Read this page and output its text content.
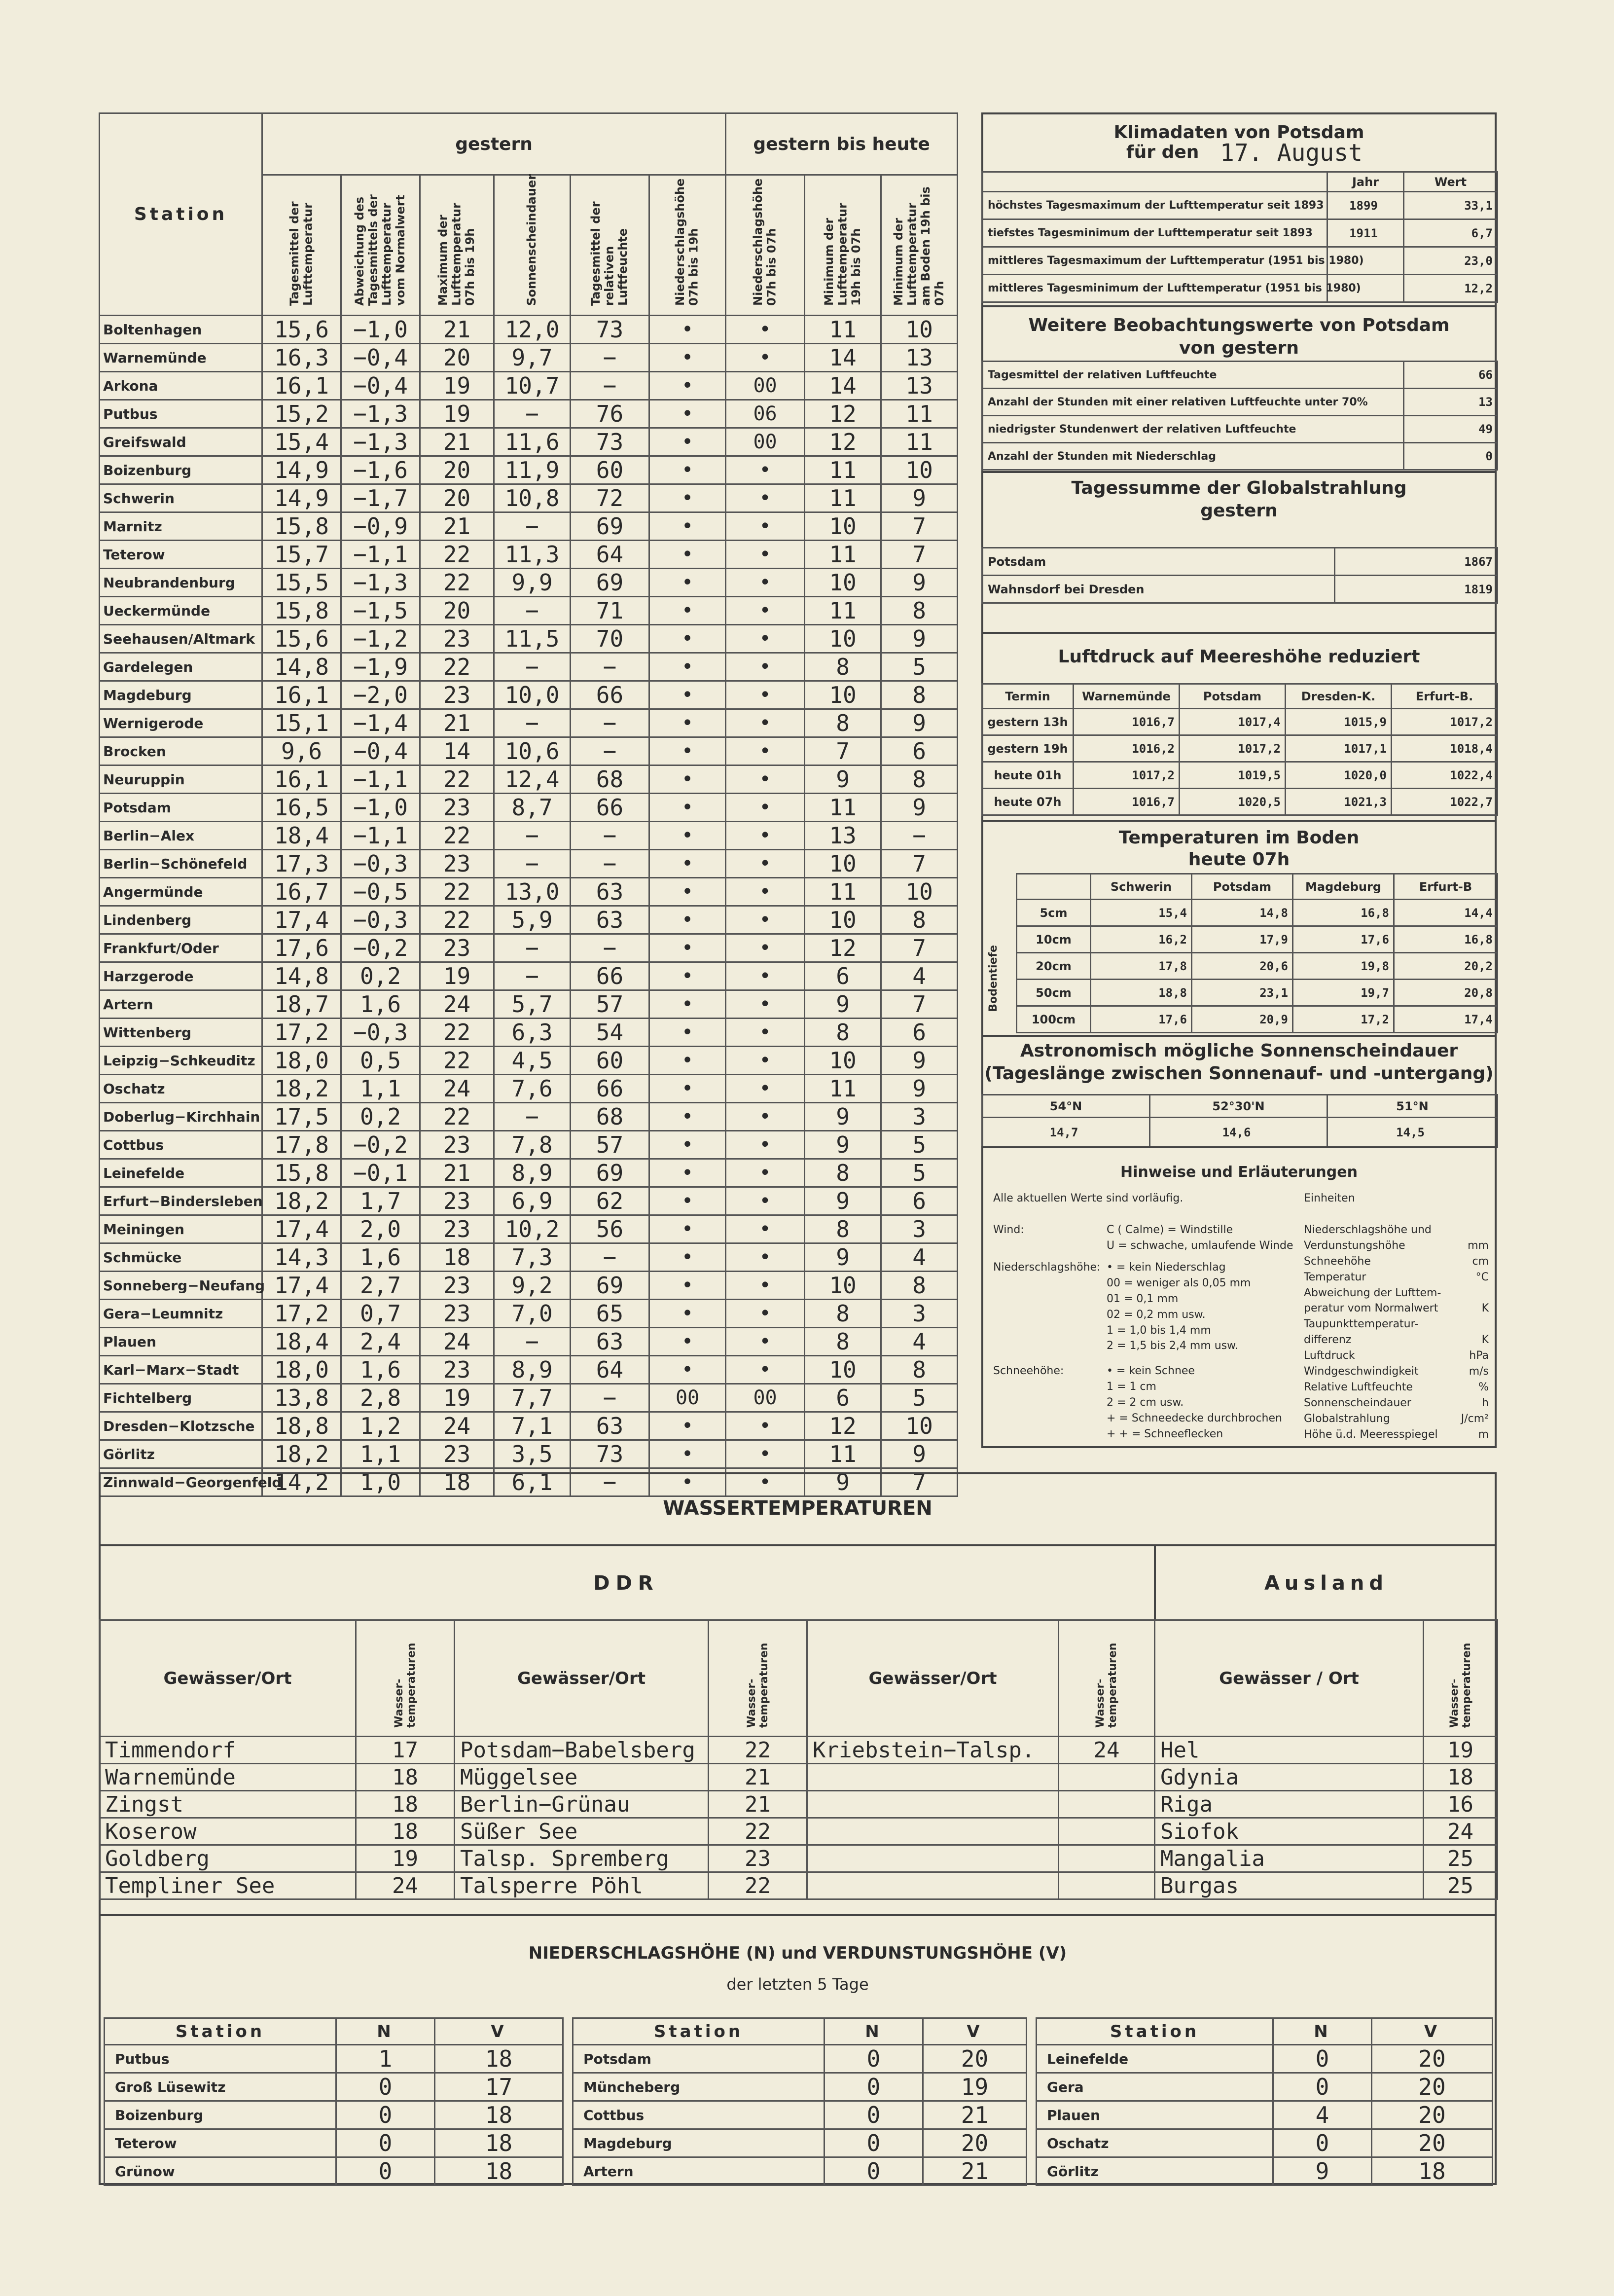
Station	gestern						gestern bis heute		
	Tagesmittel der Lufttemperatur	Abweichung des Tagesmittels der Lufttemperatur vom Normalwert	Maximum der Lufttemperatur 07h bis 19h	Sonnenscheindauer	Tagesmittel der relativen Luftfeuchte	Niederschlagshöhe 07h bis 19h	Niederschlagshöhe 07h bis 07h	Minimum der Lufttemperatur 19h bis 07h	Minimum der Lufttemperatur am Boden 19h bis 07h
Boltenhagen	15,6	−1,0	21	12,0	73	•	•	11	10
Warnemünde	16,3	−0,4	20	9,7	−	•	•	14	13
Arkona	16,1	−0,4	19	10,7	−	•	00	14	13
Putbus	15,2	−1,3	19	−	76	•	06	12	11
Greifswald	15,4	−1,3	21	11,6	73	•	00	12	11
Boizenburg	14,9	−1,6	20	11,9	60	•	•	11	10
Schwerin	14,9	−1,7	20	10,8	72	•	•	11	9
Marnitz	15,8	−0,9	21	−	69	•	•	10	7
Teterow	15,7	−1,1	22	11,3	64	•	•	11	7
Neubrandenburg	15,5	−1,3	22	9,9	69	•	•	10	9
Ueckermünde	15,8	−1,5	20	−	71	•	•	11	8
Seehausen/Altmark	15,6	−1,2	23	11,5	70	•	•	10	9
Gardelegen	14,8	−1,9	22	−	−	•	•	8	5
Magdeburg	16,1	−2,0	23	10,0	66	•	•	10	8
Wernigerode	15,1	−1,4	21	−	−	•	•	8	9
Brocken	9,6	−0,4	14	10,6	−	•	•	7	6
Neuruppin	16,1	−1,1	22	12,4	68	•	•	9	8
Potsdam	16,5	−1,0	23	8,7	66	•	•	11	9
Berlin−Alex	18,4	−1,1	22	−	−	•	•	13	−
Berlin−Schönefeld	17,3	−0,3	23	−	−	•	•	10	7
Angermünde	16,7	−0,5	22	13,0	63	•	•	11	10
Lindenberg	17,4	−0,3	22	5,9	63	•	•	10	8
Frankfurt/Oder	17,6	−0,2	23	−	−	•	•	12	7
Harzgerode	14,8	0,2	19	−	66	•	•	6	4
Artern	18,7	1,6	24	5,7	57	•	•	9	7
Wittenberg	17,2	−0,3	22	6,3	54	•	•	8	6
Leipzig−Schkeuditz	18,0	0,5	22	4,5	60	•	•	10	9
Oschatz	18,2	1,1	24	7,6	66	•	•	11	9
Doberlug−Kirchhain	17,5	0,2	22	−	68	•	•	9	3
Cottbus	17,8	−0,2	23	7,8	57	•	•	9	5
Leinefelde	15,8	−0,1	21	8,9	69	•	•	8	5
Erfurt−Bindersleben	18,2	1,7	23	6,9	62	•	•	9	6
Meiningen	17,4	2,0	23	10,2	56	•	•	8	3
Schmücke	14,3	1,6	18	7,3	−	•	•	9	4
Sonneberg−Neufang	17,4	2,7	23	9,2	69	•	•	10	8
Gera−Leumnitz	17,2	0,7	23	7,0	65	•	•	8	3
Plauen	18,4	2,4	24	−	63	•	•	8	4
Karl−Marx−Stadt	18,0	1,6	23	8,9	64	•	•	10	8
Fichtelberg	13,8	2,8	19	7,7	−	00	00	6	5
Dresden−Klotzsche	18,8	1,2	24	7,1	63	•	•	12	10
Görlitz	18,2	1,1	23	3,5	73	•	•	11	9
Zinnwald−Georgenfeld	14,2	1,0	18	6,1	−	•	•	9	7
Klimadaten von Potsdam
für den 17. August
	Jahr	Wert
höchstes Tagesmaximum der Lufttemperatur seit 1893	1899	33,1
tiefstes Tagesminimum der Lufttemperatur seit 1893	1911	6,7
mittleres Tagesmaximum der Lufttemperatur (1951 bis 1980)		23,0
mittleres Tagesminimum der Lufttemperatur (1951 bis 1980)		12,2
Weitere Beobachtungswerte von Potsdam
von gestern
Tagesmittel der relativen Luftfeuchte	66
Anzahl der Stunden mit einer relativen Luftfeuchte unter 70%	13
niedrigster Stundenwert der relativen Luftfeuchte	49
Anzahl der Stunden mit Niederschlag	0
Tagessumme der Globalstrahlung
gestern
Potsdam	1867
Wahnsdorf bei Dresden	1819
Luftdruck auf Meereshöhe reduziert
Termin	Warnemünde	Potsdam	Dresden-K.	Erfurt-B.
gestern 13h	1016,7	1017,4	1015,9	1017,2
gestern 19h	1016,2	1017,2	1017,1	1018,4
heute 01h	1017,2	1019,5	1020,0	1022,4
heute 07h	1016,7	1020,5	1021,3	1022,7
Temperaturen im Boden
heute 07h
Bodentiefe
	Schwerin	Potsdam	Magdeburg	Erfurt-B
5cm	15,4	14,8	16,8	14,4
10cm	16,2	17,9	17,6	16,8
20cm	17,8	20,6	19,8	20,2
50cm	18,8	23,1	19,7	20,8
100cm	17,6	20,9	17,2	17,4
Astronomisch mögliche Sonnenscheindauer
(Tageslänge zwischen Sonnenauf- und -untergang)
54°N	52°30'N	51°N
14,7	14,6	14,5
Hinweise und Erläuterungen
Alle aktuellen Werte sind vorläufig.	Einheiten
Wind:	C ( Calme) = Windstille
U = schwache, umlaufende Winde
Niederschlagshöhe: • = kein Niederschlag
00 = weniger als 0,05 mm
01 = 0,1 mm
02 = 0,2 mm usw.
1 = 1,0 bis 1,4 mm
2 = 1,5 bis 2,4 mm usw.
Schneehöhe:	• = kein Schnee
1 = 1 cm
2 = 2 cm usw.
+ = Schneedecke durchbrochen
+ + = Schneeflecken
Niederschlagshöhe und
Verdunstungshöhe	mm
Schneehöhe	cm
Temperatur	°C
Abweichung der Lufttem-
peratur vom Normalwert	K
Taupunkttemperatur-
differenz	K
Luftdruck	hPa
Windgeschwindigkeit	m/s
Relative Luftfeuchte	%
Sonnenscheindauer	h
Globalstrahlung	J/cm²
Höhe ü.d. Meeresspiegel	m
WASSERTEMPERATUREN
DDR	Ausland
Gewässer/Ort	Wasser-temperaturen	Gewässer/Ort	Wasser-temperaturen	Gewässer/Ort	Wasser-temperaturen	Gewässer / Ort	Wasser-temperaturen
Timmendorf	17	Potsdam−Babelsberg	22	Kriebstein−Talsp.	24	Hel	19
Warnemünde	18	Müggelsee	21			Gdynia	18
Zingst	18	Berlin−Grünau	21			Riga	16
Koserow	18	Süßer See	22			Siofok	24
Goldberg	19	Talsp. Spremberg	23			Mangalia	25
Templiner See	24	Talsperre Pöhl	22			Burgas	25
NIEDERSCHLAGSHÖHE (N) und VERDUNSTUNGSHÖHE (V)
der letzten 5 Tage
Station	N	V		Station	N	V		Station	N	V
Putbus	1	18		Potsdam	0	20		Leinefelde	0	20
Groß Lüsewitz	0	17		Müncheberg	0	19		Gera	0	20
Boizenburg	0	18		Cottbus	0	21		Plauen	4	20
Teterow	0	18		Magdeburg	0	20		Oschatz	0	20
Grünow	0	18		Artern	0	21		Görlitz	9	18
